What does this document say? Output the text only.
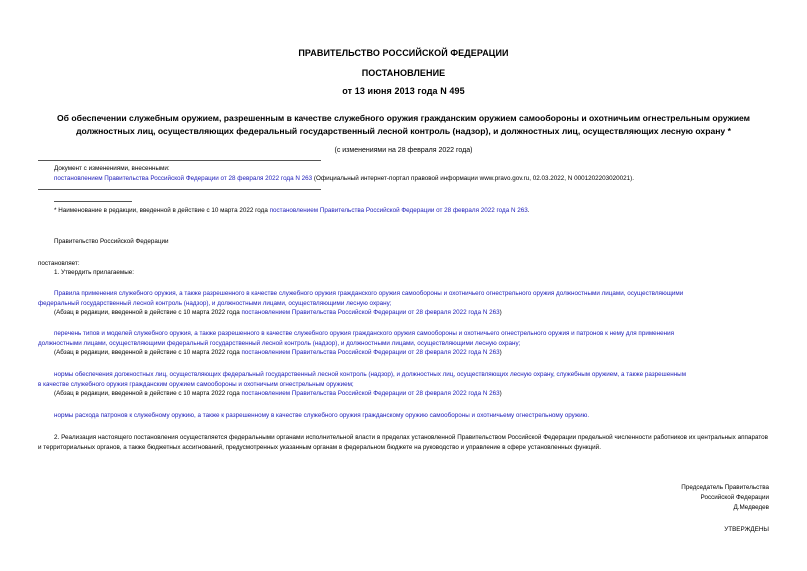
ПРАВИТЕЛЬСТВО РОССИЙСКОЙ ФЕДЕРАЦИИ
ПОСТАНОВЛЕНИЕ
от 13 июня 2013 года N 495
Об обеспечении служебным оружием, разрешенным в качестве служебного оружия гражданским оружием самообороны и охотничьим огнестрельным оружием
должностных лиц, осуществляющих федеральный государственный лесной контроль (надзор), и должностных лиц, осуществляющих лесную охрану *
(с изменениями на 28 февраля 2022 года)
Документ с изменениями, внесенными:
постановлением Правительства Российской Федерации от 28 февраля 2022 года N 263 (Официальный интернет-портал правовой информации www.pravo.gov.ru, 02.03.2022, N 0001202203020021).
* Наименование в редакции, введенной в действие с 10 марта 2022 года постановлением Правительства Российской Федерации от 28 февраля 2022 года N 263.
Правительство Российской Федерации
постановляет:
1. Утвердить прилагаемые:
Правила применения служебного оружия, а также разрешенного в качестве служебного оружия гражданского оружия самообороны и охотничьего огнестрельного оружия должностными лицами, осуществляющими
федеральный государственный лесной контроль (надзор), и должностными лицами, осуществляющими лесную охрану;
(Абзац в редакции, введенной в действие с 10 марта 2022 года постановлением Правительства Российской Федерации от 28 февраля 2022 года N 263)
перечень типов и моделей служебного оружия, а также разрешенного в качестве служебного оружия гражданского оружия самообороны и охотничьего огнестрельного оружия и патронов к нему для применения
должностными лицами, осуществляющими федеральный государственный лесной контроль (надзор), и должностными лицами, осуществляющими лесную охрану;
(Абзац в редакции, введенной в действие с 10 марта 2022 года постановлением Правительства Российской Федерации от 28 февраля 2022 года N 263)
нормы обеспечения должностных лиц, осуществляющих федеральный государственный лесной контроль (надзор), и должностных лиц, осуществляющих лесную охрану, служебным оружием, а также разрешенным
в качестве служебного оружия гражданским оружием самообороны и охотничьим огнестрельным оружием;
(Абзац в редакции, введенной в действие с 10 марта 2022 года постановлением Правительства Российской Федерации от 28 февраля 2022 года N 263)
нормы расхода патронов к служебному оружию, а также к разрешенному в качестве служебного оружия гражданскому оружию самообороны и охотничьему огнестрельному оружию.
2. Реализация настоящего постановления осуществляется федеральными органами исполнительной власти в пределах установленной Правительством Российской Федерации предельной численности работников их центральных аппаратов и территориальных органов, а также бюджетных ассигнований, предусмотренных указанным органам в федеральном бюджете на руководство и управление в сфере установленных функций.
Председатель Правительства
Российской Федерации
Д.Медведев
УТВЕРЖДЕНЫ
